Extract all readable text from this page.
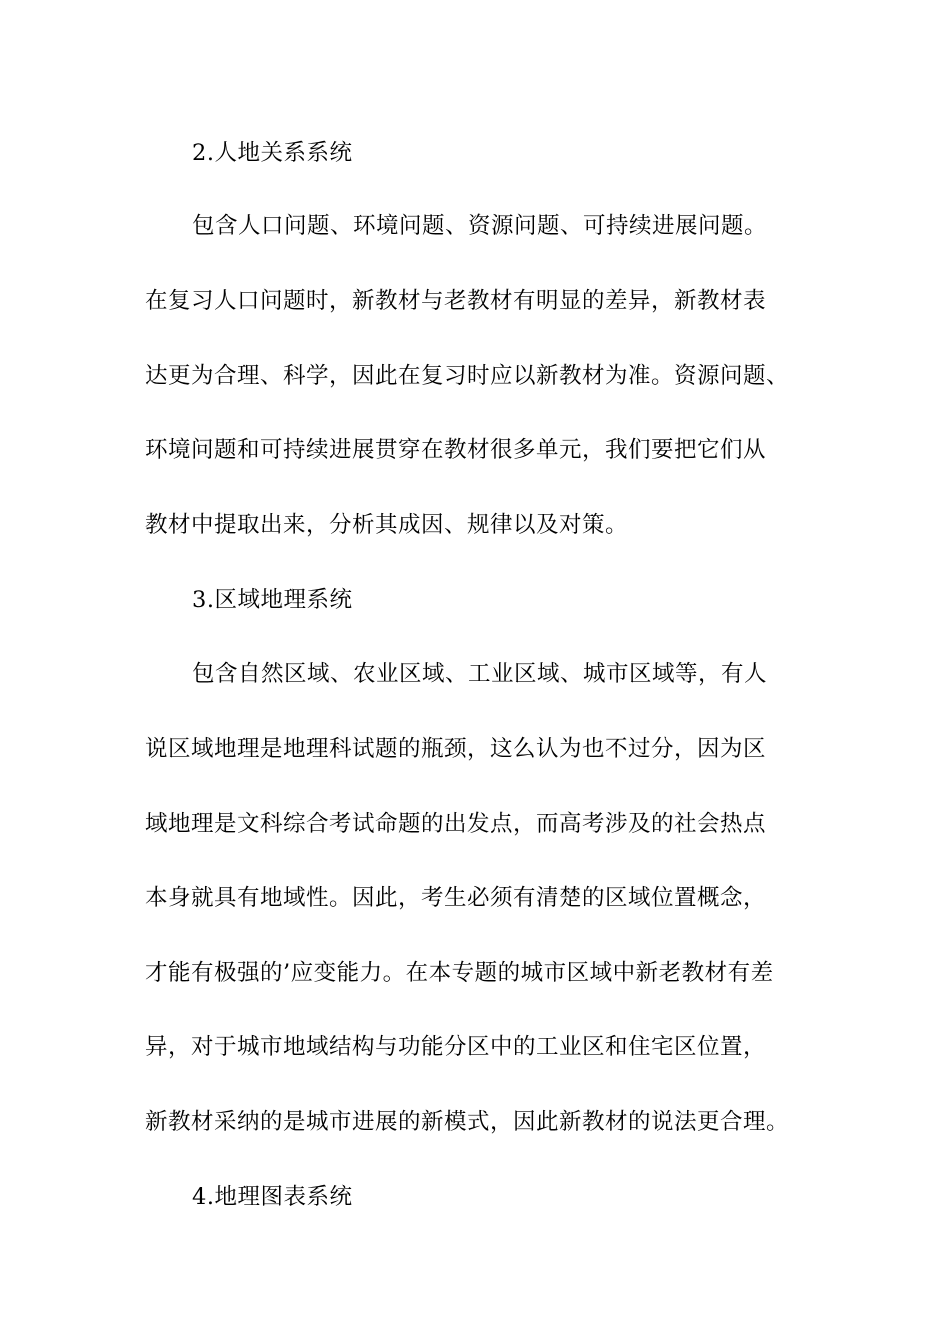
2.人地关系系统
包含人口问题、环境问题、资源问题、可持续进展问题。
在复习人口问题时，新教材与老教材有明显的差异，新教材表
达更为合理、科学，因此在复习时应以新教材为准。资源问题、
环境问题和可持续进展贯穿在教材很多单元，我们要把它们从
教材中提取出来，分析其成因、规律以及对策。
3.区域地理系统
包含自然区域、农业区域、工业区域、城市区域等，有人
说区域地理是地理科试题的瓶颈，这么认为也不过分，因为区
域地理是文科综合考试命题的出发点，而高考涉及的社会热点
本身就具有地域性。因此，考生必须有清楚的区域位置概念，
才能有极强的’应变能力。在本专题的城市区域中新老教材有差
异，对于城市地域结构与功能分区中的工业区和住宅区位置，
新教材采纳的是城市进展的新模式，因此新教材的说法更合理。
4.地理图表系统
